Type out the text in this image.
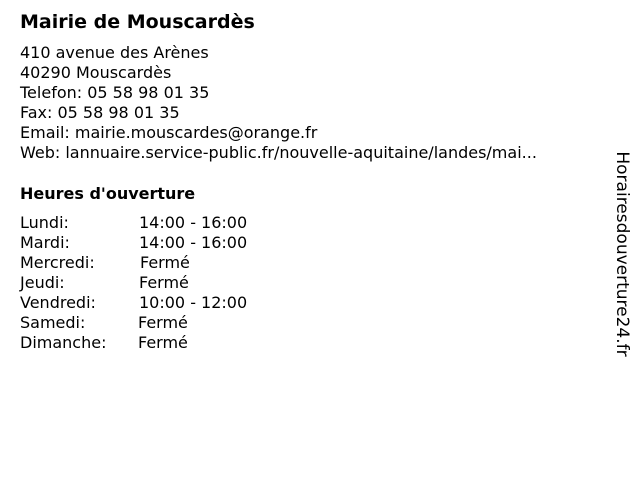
Mairie de Mouscardès
410 avenue des Arènes
40290 Mouscardès
Telefon: 05 58 98 01 35
Fax: 05 58 98 01 35
Email: mairie.mouscardes@orange.fr
Web: lannuaire.service-public.fr/nouvelle-aquitaine/landes/mai...
Heures d'ouverture
Lundi:	14:00 - 16:00
Mardi:	14:00 - 16:00
Mercredi:	Fermé
Jeudi:	Fermé
Vendredi:	10:00 - 12:00
Samedi:	Fermé
Dimanche: Fermé	Horairesdouverture24.fr
